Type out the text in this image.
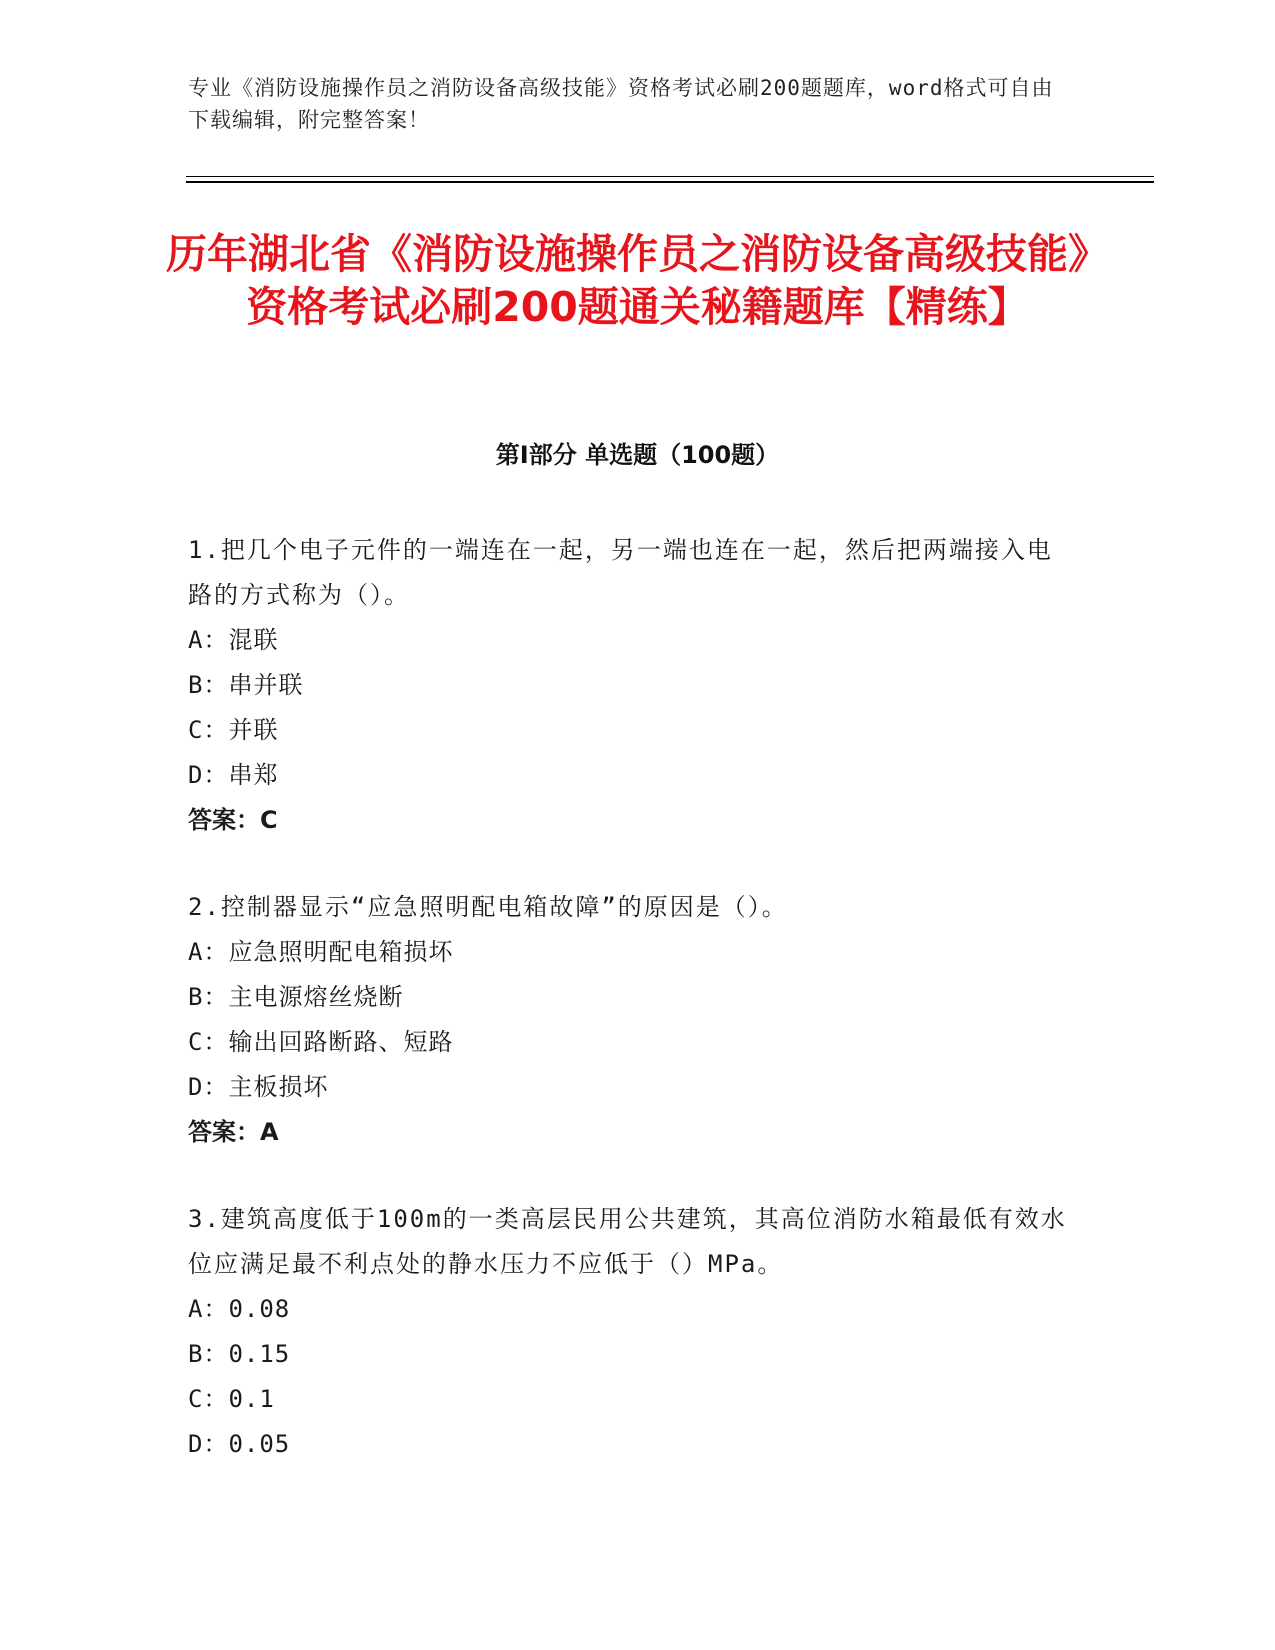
专业《消防设施操作员之消防设备高级技能》资格考试必刷200题题库，word格式可自由下载编辑，附完整答案！
历年湖北省《消防设施操作员之消防设备高级技能》资格考试必刷200题通关秘籍题库【精练】
第I部分 单选题（100题）
1.把几个电子元件的一端连在一起，另一端也连在一起，然后把两端接入电路的方式称为（）。
A：混联
B：串并联
C：并联
D：串郑
答案：C
2.控制器显示“应急照明配电箱故障”的原因是（）。
A：应急照明配电箱损坏
B：主电源熔丝烧断
C：输出回路断路、短路
D：主板损坏
答案：A
3.建筑高度低于100m的一类高层民用公共建筑，其高位消防水箱最低有效水位应满足最不利点处的静水压力不应低于（）MPa。
A：0.08
B：0.15
C：0.1
D：0.05
